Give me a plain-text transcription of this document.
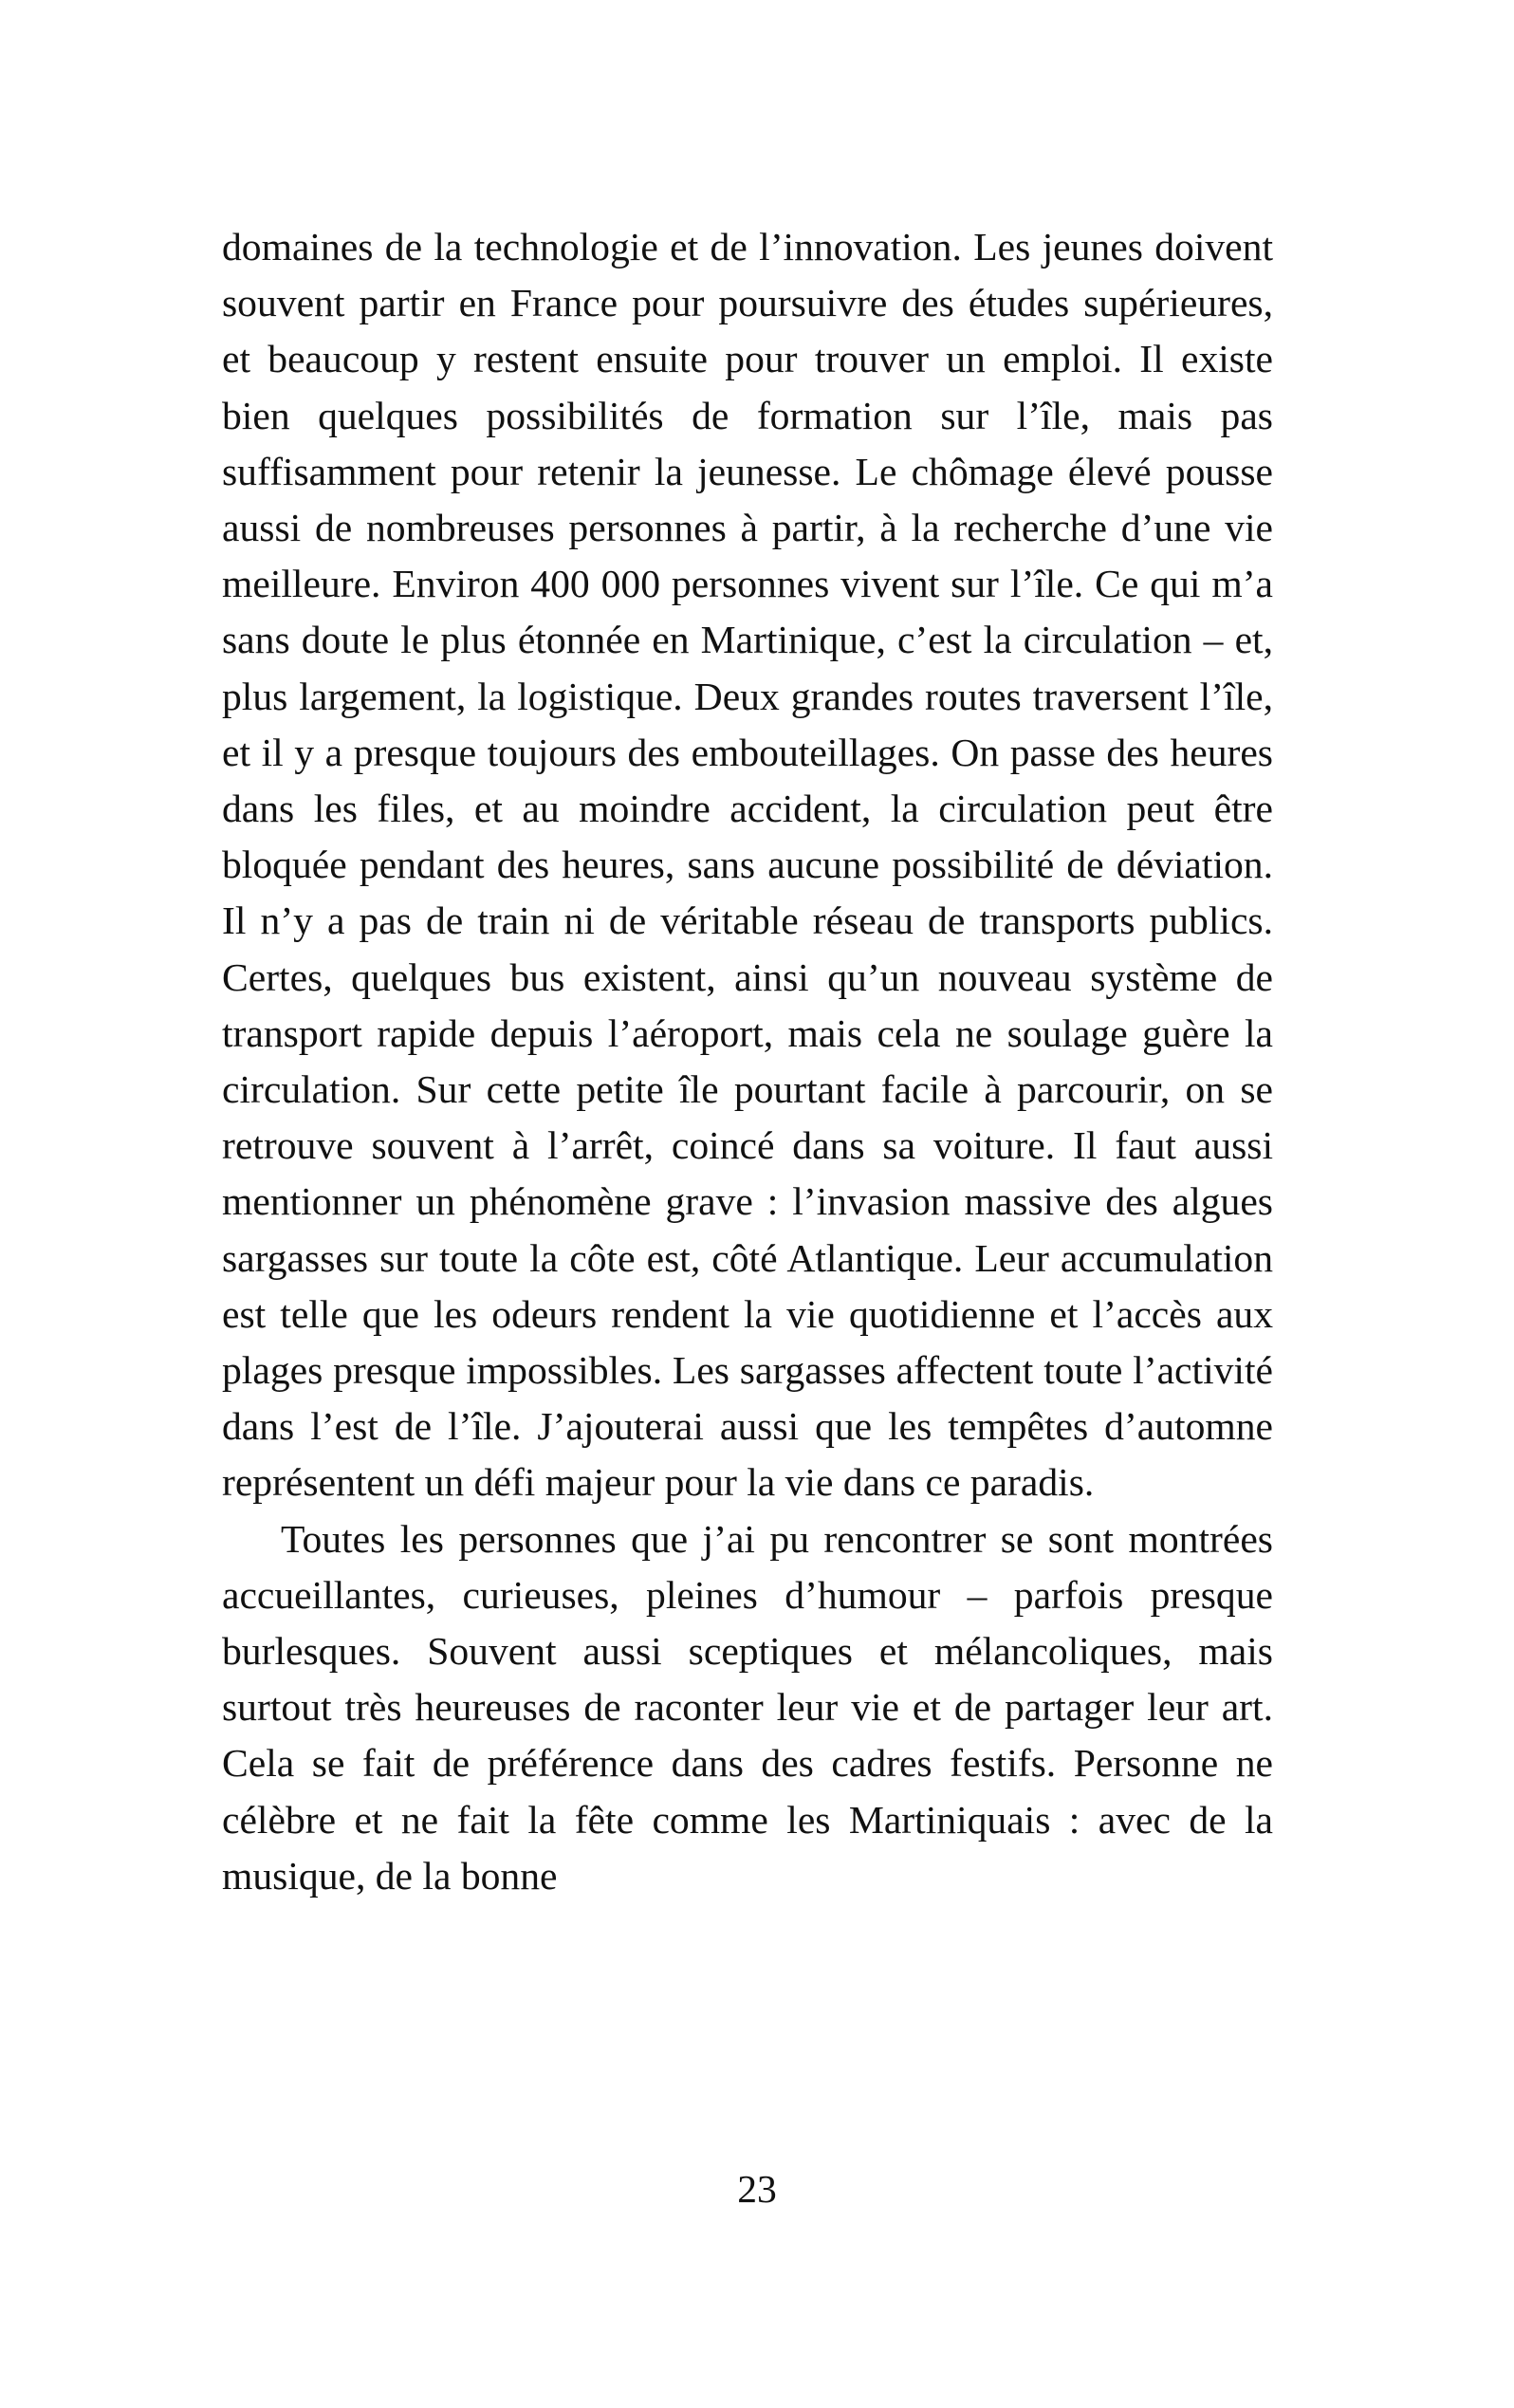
domaines de la technologie et de l’innovation. Les jeunes doivent souvent partir en France pour poursuivre des études supérieures, et beaucoup y restent ensuite pour trouver un emploi. Il existe bien quelques possibilités de formation sur l’île, mais pas suffisamment pour retenir la jeunesse. Le chômage élevé pousse aussi de nombreuses personnes à partir, à la recherche d’une vie meilleure. Environ 400 000 personnes vivent sur l’île. Ce qui m’a sans doute le plus étonnée en Martinique, c’est la circulation – et, plus largement, la logistique. Deux grandes routes traversent l’île, et il y a presque toujours des embouteillages. On passe des heures dans les files, et au moindre accident, la circulation peut être bloquée pendant des heures, sans aucune possibilité de déviation. Il n’y a pas de train ni de véritable réseau de transports publics. Certes, quelques bus existent, ainsi qu’un nouveau système de transport rapide depuis l’aéroport, mais cela ne soulage guère la circulation. Sur cette petite île pourtant facile à parcourir, on se retrouve souvent à l’arrêt, coincé dans sa voiture. Il faut aussi mentionner un phénomène grave : l’invasion massive des algues sargasses sur toute la côte est, côté Atlantique. Leur accumulation est telle que les odeurs rendent la vie quotidienne et l’accès aux plages presque impossibles. Les sargasses affectent toute l’activité dans l’est de l’île. J’ajouterai aussi que les tempêtes d’automne représentent un défi majeur pour la vie dans ce paradis.

Toutes les personnes que j’ai pu rencontrer se sont montrées accueillantes, curieuses, pleines d’humour – parfois presque burlesques. Souvent aussi sceptiques et mélancoliques, mais surtout très heureuses de raconter leur vie et de partager leur art. Cela se fait de préférence dans des cadres festifs. Personne ne célèbre et ne fait la fête comme les Martiniquais : avec de la musique, de la bonne

23
